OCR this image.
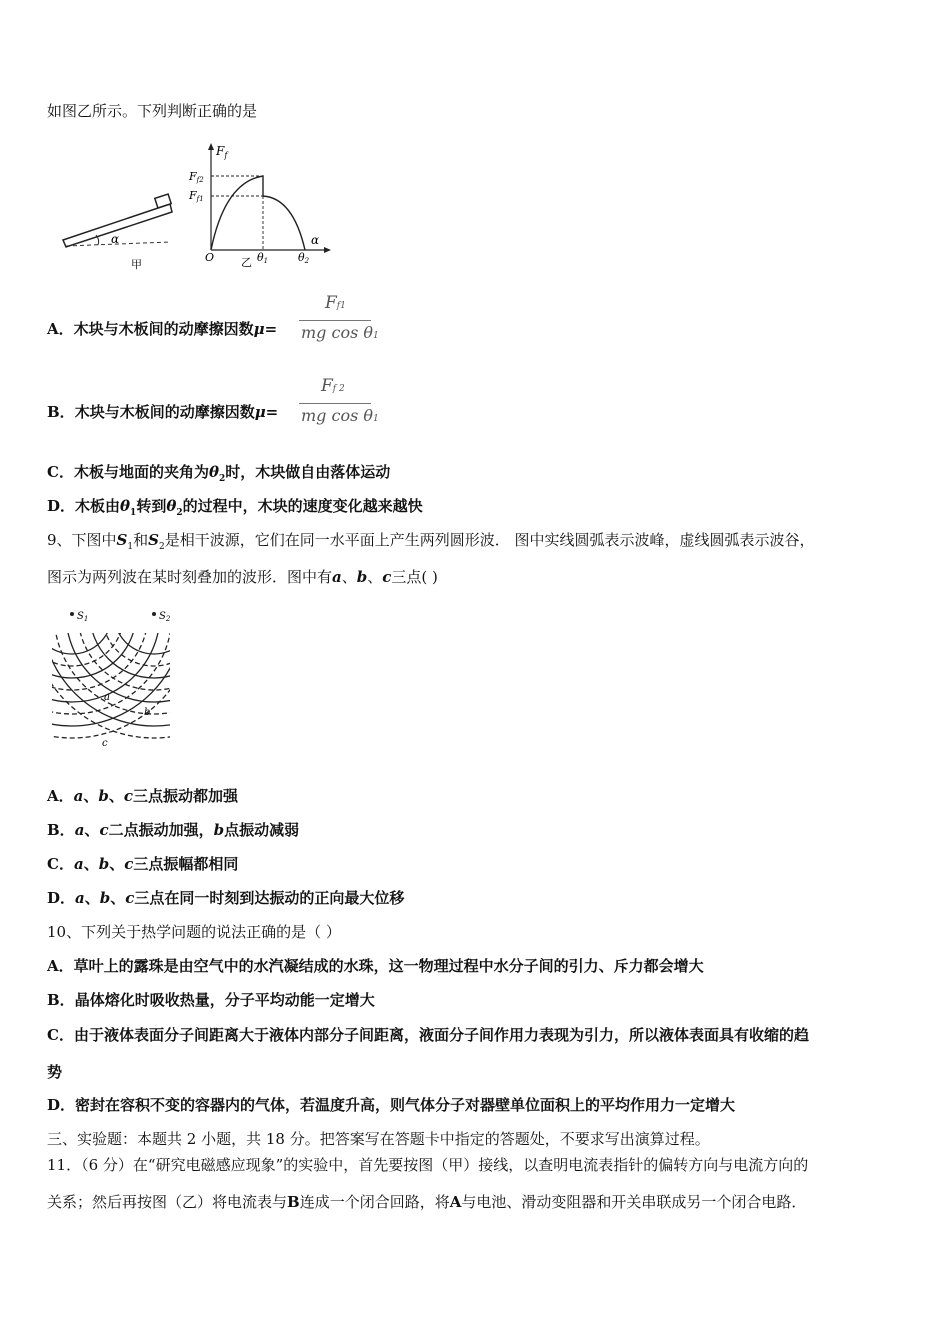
如图乙所示。下列判断正确的是
α
甲
$F_f$
Ff2
Ff1
O	θ1	θ2
α
乙
A．木块与木板间的动摩擦因数μ=
Ff1
mg cos θ1
B．木块与木板间的动摩擦因数μ=
Ff 2
mg cos θ1
C．木板与地面的夹角为$\theta_2$时，木块做自由落体运动
D．木板由$\theta_1$转到$\theta_2$的过程中，木块的速度变化越来越快
9、下图中$S_1$和$S_2$是相干波源，它们在同一水平面上产生两列圆形波． 图中实线圆弧表示波峰，虚线圆弧表示波谷，
图示为两列波在某时刻叠加的波形．图中有a、b、c三点( )
$S_1$	$S_2$
a
b
c
A．a、b、c三点振动都加强
B．a、c二点振动加强，b点振动减弱
C．a、b、c三点振幅都相同
D．a、b、c三点在同一时刻到达振动的正向最大位移
10、下列关于热学问题的说法正确的是（ ）
A．草叶上的露珠是由空气中的水汽凝结成的水珠，这一物理过程中水分子间的引力、斥力都会增大
B．晶体熔化时吸收热量，分子平均动能一定增大
C．由于液体表面分子间距离大于液体内部分子间距离，液面分子间作用力表现为引力，所以液体表面具有收缩的趋
势
D．密封在容积不变的容器内的气体，若温度升高，则气体分子对器壁单位面积上的平均作用力一定增大
三、实验题：本题共 2 小题，共 18 分。把答案写在答题卡中指定的答题处，不要求写出演算过程。
11．（6 分）在“研究电磁感应现象”的实验中，首先要按图（甲）接线，以查明电流表指针的偏转方向与电流方向的
关系；然后再按图（乙）将电流表与B连成一个闭合回路，将A与电池、滑动变阻器和开关串联成另一个闭合电路．
